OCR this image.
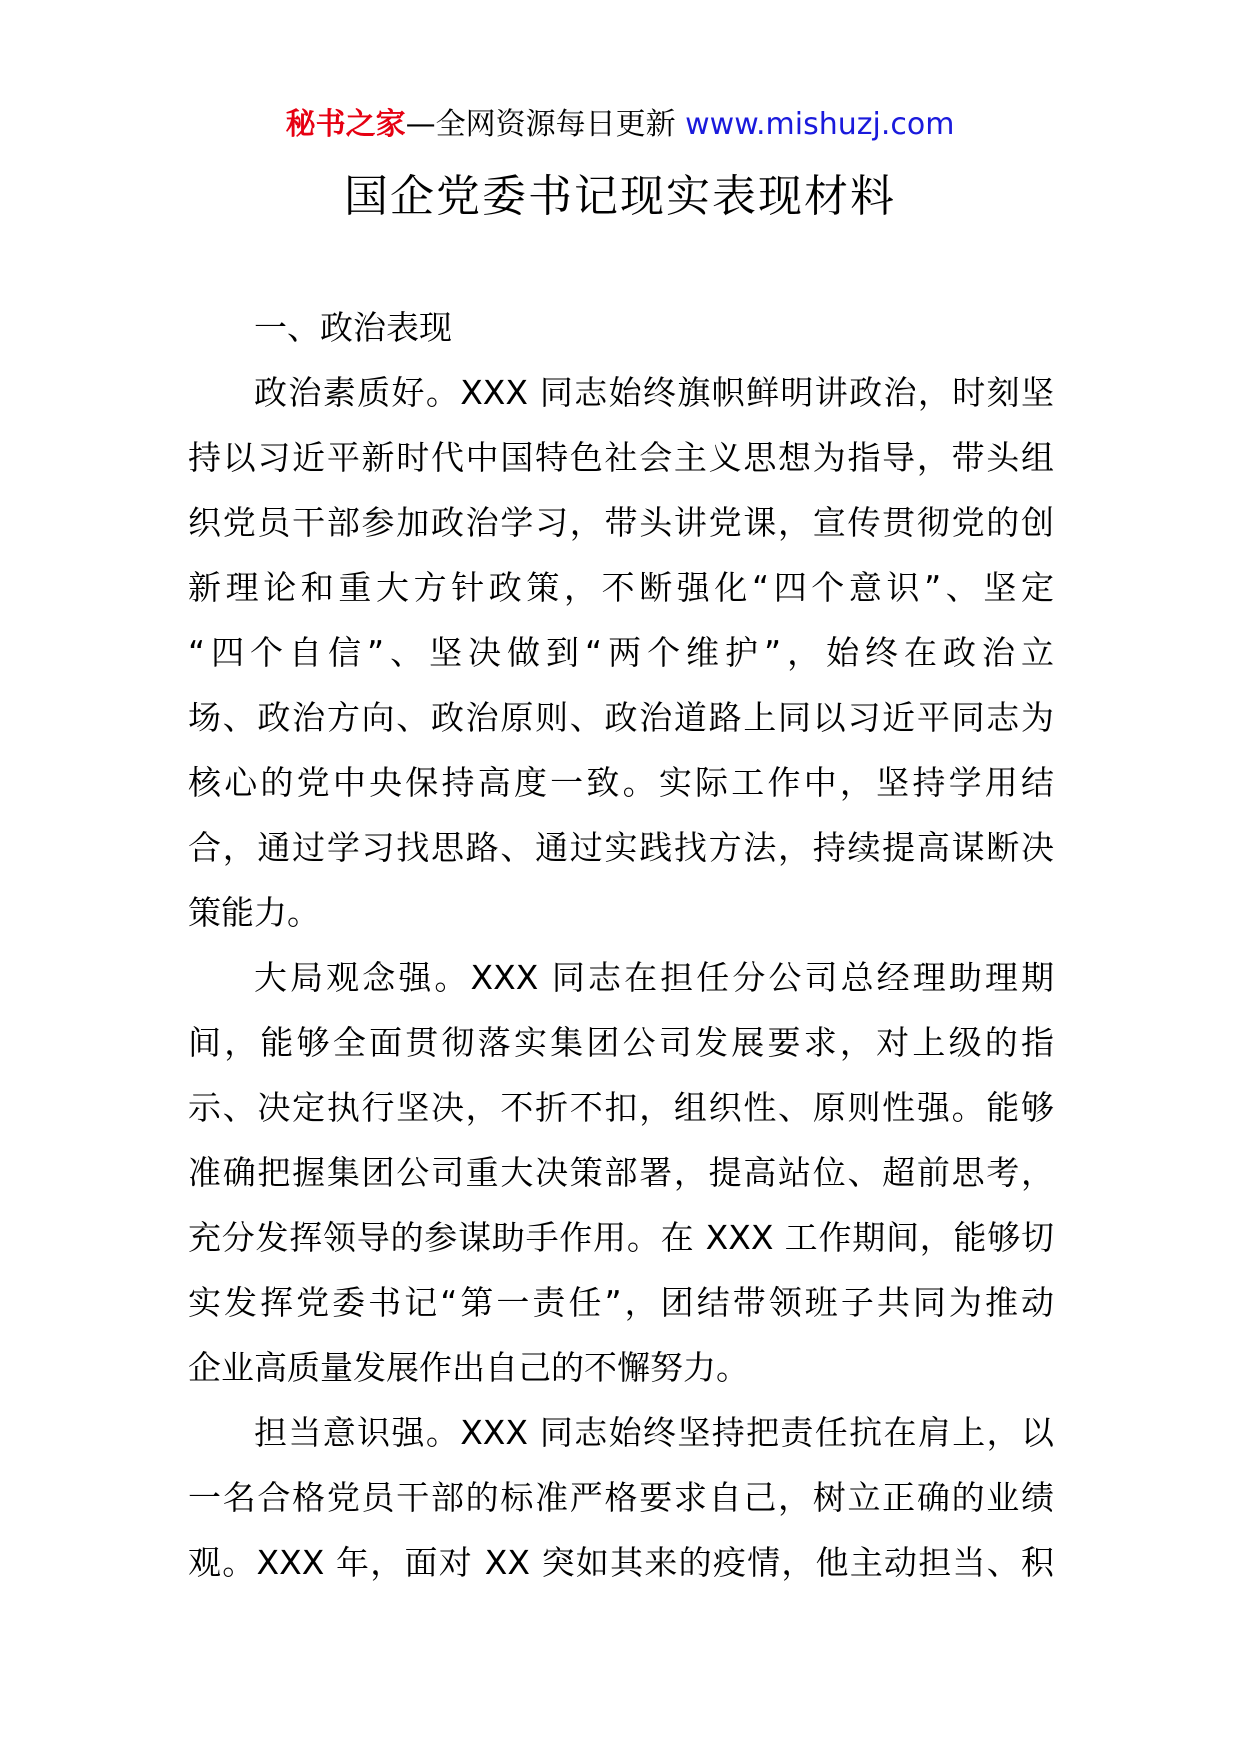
秘书之家—全网资源每日更新 www.mishuzj.com
国企党委书记现实表现材料
一、政治表现
政治素质好。XXX 同志始终旗帜鲜明讲政治，时刻坚
持以习近平新时代中国特色社会主义思想为指导，带头组
织党员干部参加政治学习，带头讲党课，宣传贯彻党的创
新理论和重大方针政策，不断强化“四个意识”、坚定
“四个自信”、坚决做到“两个维护”，始终在政治立
场、政治方向、政治原则、政治道路上同以习近平同志为
核心的党中央保持高度一致。实际工作中，坚持学用结
合，通过学习找思路、通过实践找方法，持续提高谋断决
策能力。
大局观念强。XXX 同志在担任分公司总经理助理期
间，能够全面贯彻落实集团公司发展要求，对上级的指
示、决定执行坚决，不折不扣，组织性、原则性强。能够
准确把握集团公司重大决策部署，提高站位、超前思考，
充分发挥领导的参谋助手作用。在 XXX 工作期间，能够切
实发挥党委书记“第一责任”，团结带领班子共同为推动
企业高质量发展作出自己的不懈努力。
担当意识强。XXX 同志始终坚持把责任抗在肩上，以
一名合格党员干部的标准严格要求自己，树立正确的业绩
观。XXX 年，面对 XX 突如其来的疫情，他主动担当、积
